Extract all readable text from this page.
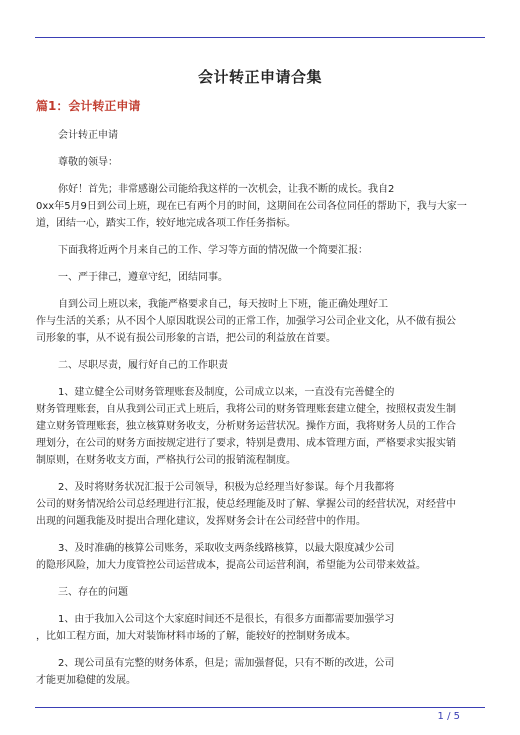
会计转正申请合集
篇1：会计转正申请
会计转正申请
尊敬的领导：
你好！首先；非常感谢公司能给我这样的一次机会，让我不断的成长。我自2
0xx年5月9日到公司上班，现在已有两个月的时间，这期间在公司各位同任的帮助下，我与大家一
道，团结一心，踏实工作，较好地完成各项工作任务指标。
下面我将近两个月来自己的工作、学习等方面的情况做一个简要汇报：
一、严于律己，遵章守纪，团结同事。
自到公司上班以来，我能严格要求自己，每天按时上下班，能正确处理好工
作与生活的关系；从不因个人原因耽误公司的正常工作，加强学习公司企业文化，从不做有损公
司形象的事，从不说有损公司形象的言语，把公司的利益放在首要。
二、尽职尽责，履行好自己的工作职责
1、建立健全公司财务管理账套及制度，公司成立以来，一直没有完善健全的
财务管理账套，自从我到公司正式上班后，我将公司的财务管理账套建立健全，按照权责发生制
建立财务管理账套，独立核算财务收支，分析财务运营状况。操作方面，我将财务人员的工作合
理划分，在公司的财务方面按规定进行了要求，特别是费用、成本管理方面，严格要求实报实销
制原则，在财务收支方面，严格执行公司的报销流程制度。
2、及时将财务状况汇报于公司领导，积极为总经理当好参谋。每个月我都将
公司的财务情况给公司总经理进行汇报，使总经理能及时了解、掌握公司的经营状况，对经营中
出现的问题我能及时提出合理化建议，发挥财务会计在公司经营中的作用。
3、及时准确的核算公司账务，采取收支两条线路核算，以最大限度减少公司
的隐形风险，加大力度管控公司运营成本，提高公司运营利润，希望能为公司带来效益。
三、存在的问题
1、由于我加入公司这个大家庭时间还不是很长，有很多方面都需要加强学习
，比如工程方面，加大对装饰材料市场的了解，能较好的控制财务成本。
2、现公司虽有完整的财务体系，但是；需加强督促，只有不断的改进，公司
才能更加稳健的发展。
1 / 5
